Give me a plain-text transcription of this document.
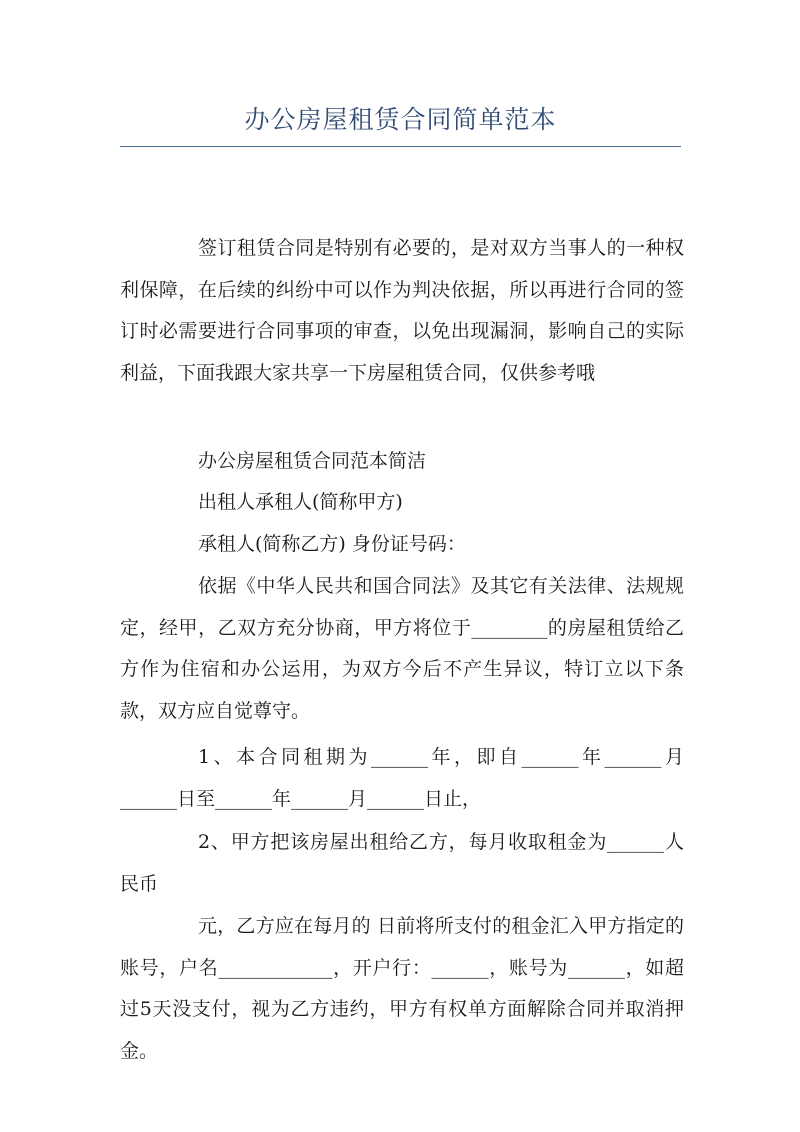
办公房屋租赁合同简单范本

签订租赁合同是特别有必要的，是对双方当事人的一种权利保障，在后续的纠纷中可以作为判决依据，所以再进行合同的签订时必需要进行合同事项的审查，以免出现漏洞，影响自己的实际利益，下面我跟大家共享一下房屋租赁合同，仅供参考哦

办公房屋租赁合同范本简洁

出租人承租人(简称甲方)

承租人(简称乙方) 身份证号码：

依据《中华人民共和国合同法》及其它有关法律、法规规定，经甲，乙双方充分协商，甲方将位于________的房屋租赁给乙方作为住宿和办公运用，为双方今后不产生异议，特订立以下条款，双方应自觉尊守。

1、本合同租期为______年，即自______年______月______日至______年______月______日止，

2、甲方把该房屋出租给乙方，每月收取租金为______人民币

元，乙方应在每月的 日前将所支付的租金汇入甲方指定的账号，户名____________，开户行：______，账号为______，如超过5天没支付，视为乙方违约，甲方有权单方面解除合同并取消押金。
